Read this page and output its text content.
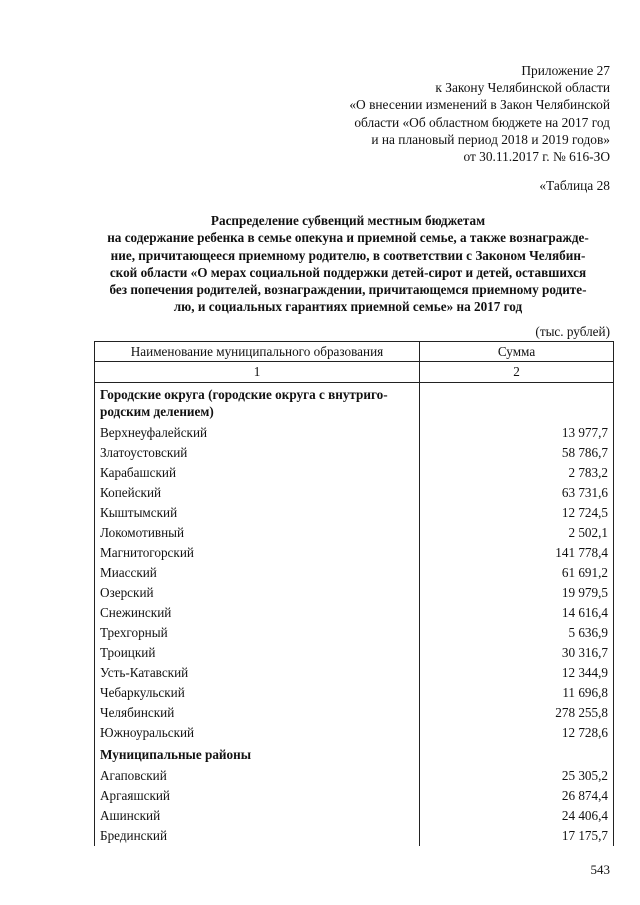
Приложение 27
к Закону Челябинской области
«О внесении изменений в Закон Челябинской
области «Об областном бюджете на 2017 год
и на плановый период 2018 и 2019 годов»
от 30.11.2017 г. № 616-ЗО
«Таблица 28
Распределение субвенций местным бюджетам
на содержание ребенка в семье опекуна и приемной семье, а также вознагражде-
ние, причитающееся приемному родителю, в соответствии с Законом Челябин-
ской области «О мерах социальной поддержки детей-сирот и детей, оставшихся
без попечения родителей, вознаграждении, причитающемся приемному родите-
лю, и социальных гарантиях приемной семье» на 2017 год
(тыс. рублей)
Наименование муниципального образования	Сумма
1	2

Городские округа (городские округа с внутриго-
родским делением)	

Верхнеуфалейский	13 977,7
Златоустовский	58 786,7
Карабашский	2 783,2
Копейский	63 731,6
Кыштымский	12 724,5
Локомотивный	2 502,1
Магнитогорский	141 778,4
Миасский	61 691,2
Озерский	19 979,5
Снежинский	14 616,4
Трехгорный	5 636,9
Троицкий	30 316,7
Усть-Катавский	12 344,9
Чебаркульский	11 696,8
Челябинский	278 255,8
Южноуральский	12 728,6

Муниципальные районы	

Агаповский	25 305,2
Аргаяшский	26 874,4
Ашинский	24 406,4
Брединский	17 175,7
543
